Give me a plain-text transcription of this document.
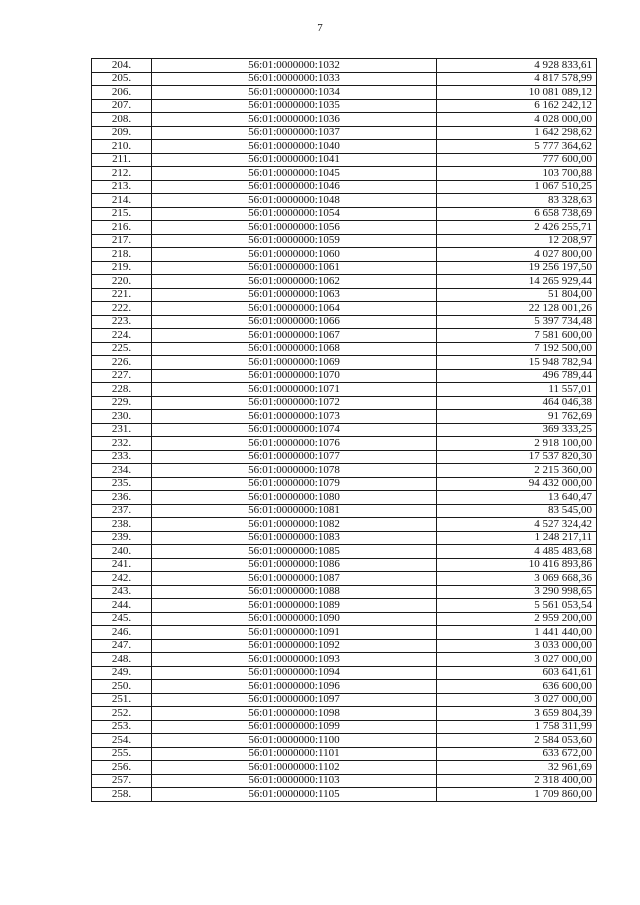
7
204.	56:01:0000000:1032	4 928 833,61
205.	56:01:0000000:1033	4 817 578,99
206.	56:01:0000000:1034	10 081 089,12
207.	56:01:0000000:1035	6 162 242,12
208.	56:01:0000000:1036	4 028 000,00
209.	56:01:0000000:1037	1 642 298,62
210.	56:01:0000000:1040	5 777 364,62
211.	56:01:0000000:1041	777 600,00
212.	56:01:0000000:1045	103 700,88
213.	56:01:0000000:1046	1 067 510,25
214.	56:01:0000000:1048	83 328,63
215.	56:01:0000000:1054	6 658 738,69
216.	56:01:0000000:1056	2 426 255,71
217.	56:01:0000000:1059	12 208,97
218.	56:01:0000000:1060	4 027 800,00
219.	56:01:0000000:1061	19 256 197,50
220.	56:01:0000000:1062	14 265 929,44
221.	56:01:0000000:1063	51 804,00
222.	56:01:0000000:1064	22 128 001,26
223.	56:01:0000000:1066	5 397 734,48
224.	56:01:0000000:1067	7 581 600,00
225.	56:01:0000000:1068	7 192 500,00
226.	56:01:0000000:1069	15 948 782,94
227.	56:01:0000000:1070	496 789,44
228.	56:01:0000000:1071	11 557,01
229.	56:01:0000000:1072	464 046,38
230.	56:01:0000000:1073	91 762,69
231.	56:01:0000000:1074	369 333,25
232.	56:01:0000000:1076	2 918 100,00
233.	56:01:0000000:1077	17 537 820,30
234.	56:01:0000000:1078	2 215 360,00
235.	56:01:0000000:1079	94 432 000,00
236.	56:01:0000000:1080	13 640,47
237.	56:01:0000000:1081	83 545,00
238.	56:01:0000000:1082	4 527 324,42
239.	56:01:0000000:1083	1 248 217,11
240.	56:01:0000000:1085	4 485 483,68
241.	56:01:0000000:1086	10 416 893,86
242.	56:01:0000000:1087	3 069 668,36
243.	56:01:0000000:1088	3 290 998,65
244.	56:01:0000000:1089	5 561 053,54
245.	56:01:0000000:1090	2 959 200,00
246.	56:01:0000000:1091	1 441 440,00
247.	56:01:0000000:1092	3 033 000,00
248.	56:01:0000000:1093	3 027 000,00
249.	56:01:0000000:1094	603 641,61
250.	56:01:0000000:1096	636 600,00
251.	56:01:0000000:1097	3 027 000,00
252.	56:01:0000000:1098	3 659 804,39
253.	56:01:0000000:1099	1 758 311,99
254.	56:01:0000000:1100	2 584 053,60
255.	56:01:0000000:1101	633 672,00
256.	56:01:0000000:1102	32 961,69
257.	56:01:0000000:1103	2 318 400,00
258.	56:01:0000000:1105	1 709 860,00
